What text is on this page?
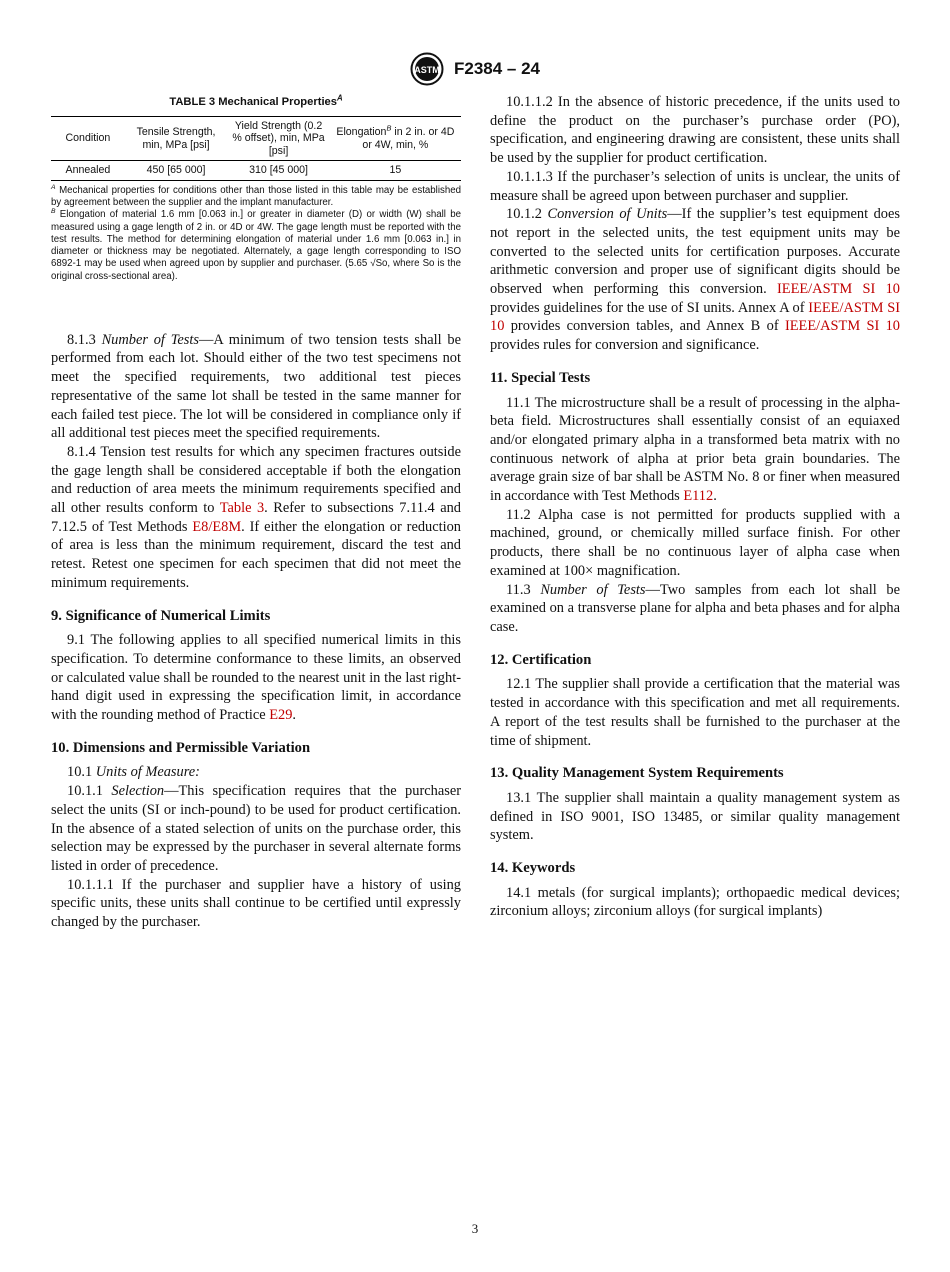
ASTM F2384 – 24
TABLE 3 Mechanical Properties$^A$
Condition	Tensile Strength, min, MPa [psi]	Yield Strength (0.2 % offset), min, MPa [psi]	Elongation$^B$ in 2 in. or 4D or 4W, min, %
Annealed	450 [65 000]	310 [45 000]	15

$^A$ Mechanical properties for conditions other than those listed in this table may be established by agreement between the supplier and the implant manufacturer.

$^B$ Elongation of material 1.6 mm [0.063 in.] or greater in diameter (D) or width (W) shall be measured using a gage length of 2 in. or 4D or 4W. The gage length must be reported with the test results. The method for determining elongation of material under 1.6 mm [0.063 in.] in diameter or thickness may be negotiated. Alternately, a gage length corresponding to ISO 6892-1 may be used when agreed upon by supplier and purchaser. (5.65 √So, where So is the original cross-sectional area).

8.1.3 Number of Tests—A minimum of two tension tests shall be performed from each lot. Should either of the two test specimens not meet the specified requirements, two additional test pieces representative of the same lot shall be tested in the same manner for each failed test piece. The lot will be considered in compliance only if all additional test pieces meet the specified requirements.

8.1.4 Tension test results for which any specimen fractures outside the gage length shall be considered acceptable if both the elongation and reduction of area meets the minimum requirements specified and all other results conform to Table 3. Refer to subsections 7.11.4 and 7.12.5 of Test Methods E8/E8M. If either the elongation or reduction of area is less than the minimum requirement, discard the test and retest. Retest one specimen for each specimen that did not meet the minimum requirements.

9. Significance of Numerical Limits

9.1 The following applies to all specified numerical limits in this specification. To determine conformance to these limits, an observed or calculated value shall be rounded to the nearest unit in the last right-hand digit used in expressing the specification limit, in accordance with the rounding method of Practice E29.

10. Dimensions and Permissible Variation

10.1 Units of Measure:

10.1.1 Selection—This specification requires that the purchaser select the units (SI or inch-pound) to be used for product certification. In the absence of a stated selection of units on the purchase order, this selection may be expressed by the purchaser in several alternate forms listed in order of precedence.

10.1.1.1 If the purchaser and supplier have a history of using specific units, these units shall continue to be certified until expressly changed by the purchaser.

10.1.1.2 In the absence of historic precedence, if the units used to define the product on the purchaser’s purchase order (PO), specification, and engineering drawing are consistent, these units shall be used by the supplier for product certification.

10.1.1.3 If the purchaser’s selection of units is unclear, the units of measure shall be agreed upon between purchaser and supplier.

10.1.2 Conversion of Units—If the supplier’s test equipment does not report in the selected units, the test equipment units may be converted to the selected units for certification purposes. Accurate arithmetic conversion and proper use of significant digits should be observed when performing this conversion. IEEE/ASTM SI 10 provides guidelines for the use of SI units. Annex A of IEEE/ASTM SI 10 provides conversion tables, and Annex B of IEEE/ASTM SI 10 provides rules for conversion and significance.

11. Special Tests

11.1 The microstructure shall be a result of processing in the alpha-beta field. Microstructures shall essentially consist of an equiaxed and/or elongated primary alpha in a transformed beta matrix with no continuous network of alpha at prior beta grain boundaries. The average grain size of bar shall be ASTM No. 8 or finer when measured in accordance with Test Methods E112.

11.2 Alpha case is not permitted for products supplied with a machined, ground, or chemically milled surface finish. For other products, there shall be no continuous layer of alpha case when examined at 100× magnification.

11.3 Number of Tests—Two samples from each lot shall be examined on a transverse plane for alpha and beta phases and for alpha case.

12. Certification

12.1 The supplier shall provide a certification that the material was tested in accordance with this specification and met all requirements. A report of the test results shall be furnished to the purchaser at the time of shipment.

13. Quality Management System Requirements

13.1 The supplier shall maintain a quality management system as defined in ISO 9001, ISO 13485, or similar quality management system.

14. Keywords

14.1 metals (for surgical implants); orthopaedic medical devices; zirconium alloys; zirconium alloys (for surgical implants)

3
